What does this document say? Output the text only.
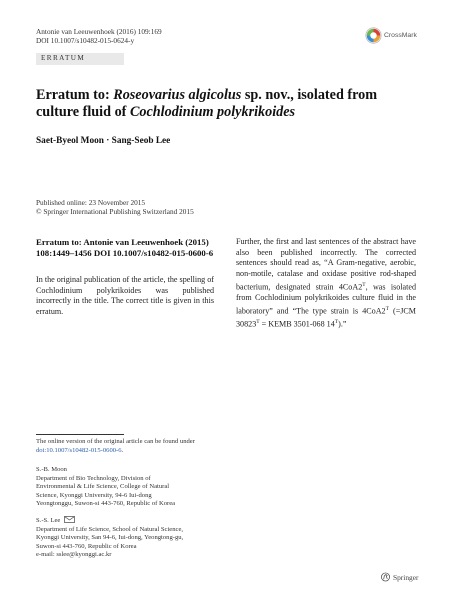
Antonie van Leeuwenhoek (2016) 109:169
DOI 10.1007/s10482-015-0624-y
CrossMark
ERRATUM
Erratum to: Roseovarius algicolus sp. nov., isolated from culture fluid of Cochlodinium polykrikoides
Saet-Byeol Moon · Sang-Seob Lee
Published online: 23 November 2015
© Springer International Publishing Switzerland 2015
Erratum to: Antonie van Leeuwenhoek (2015) 108:1449–1456 DOI 10.1007/s10482-015-0600-6
In the original publication of the article, the spelling of Cochlodinium polykrikoides was published incorrectly in the title. The correct title is given in this erratum.
Further, the first and last sentences of the abstract have also been published incorrectly. The corrected sentences should read as, “A Gram-negative, aerobic, non-motile, catalase and oxidase positive rod-shaped bacterium, designated strain $4CoA2^T$, was isolated from Cochlodinium polykrikoides culture fluid in the laboratory” and “The type strain is $4CoA2^T$ (=JCM $30823^T$ = KEMB 3501-068 $14^T$).”
The online version of the original article can be found under
doi:10.1007/s10482-015-0600-6.
S.-B. Moon
Department of Bio Technology, Division of
Environmental & Life Science, College of Natural
Science, Kyonggi University, 94-6 Iui-dong
Yeongtonggu, Suwon-si 443-760, Republic of Korea
S.-S. Lee
Department of Life Science, School of Natural Science,
Kyonggi University, San 94-6, Iui-dong, Yeongtong-gu,
Suwon-si 443-760, Republic of Korea
e-mail: sslee@kyonggi.ac.kr
Springer
